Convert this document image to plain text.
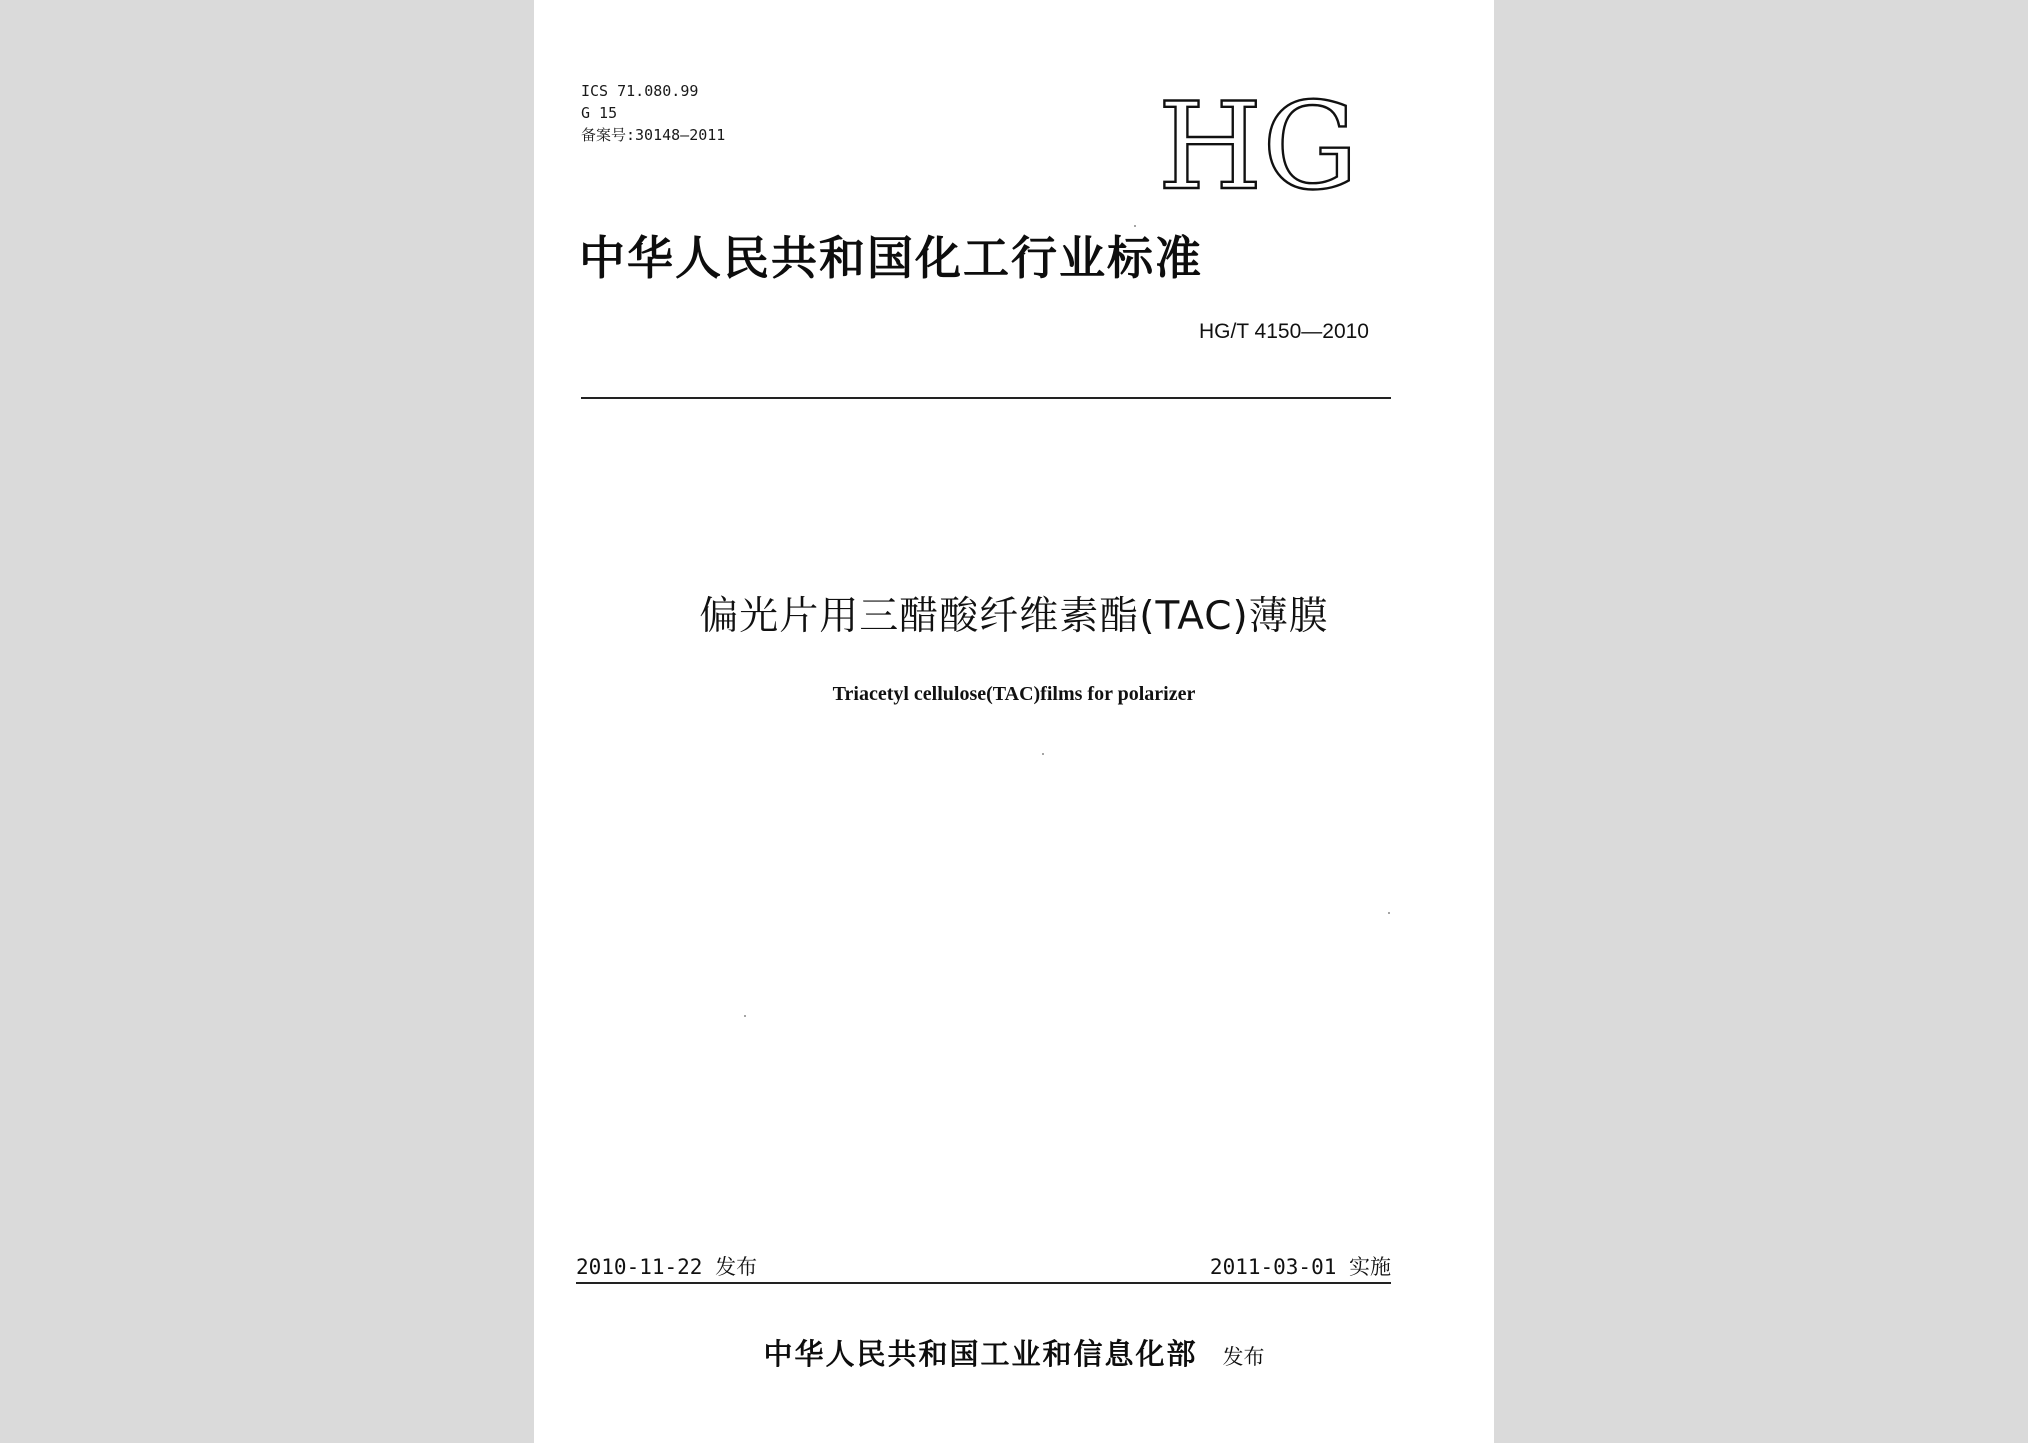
ICS 71.080.99
G 15
备案号:30148—2011	HG
中华人民共和国化工行业标准
HG/T 4150—2010
偏光片用三醋酸纤维素酯(TAC)薄膜
Triacetyl cellulose(TAC)films for polarizer
2010-11-22 发布	2011-03-01 实施
中华人民共和国工业和信息化部 发布
